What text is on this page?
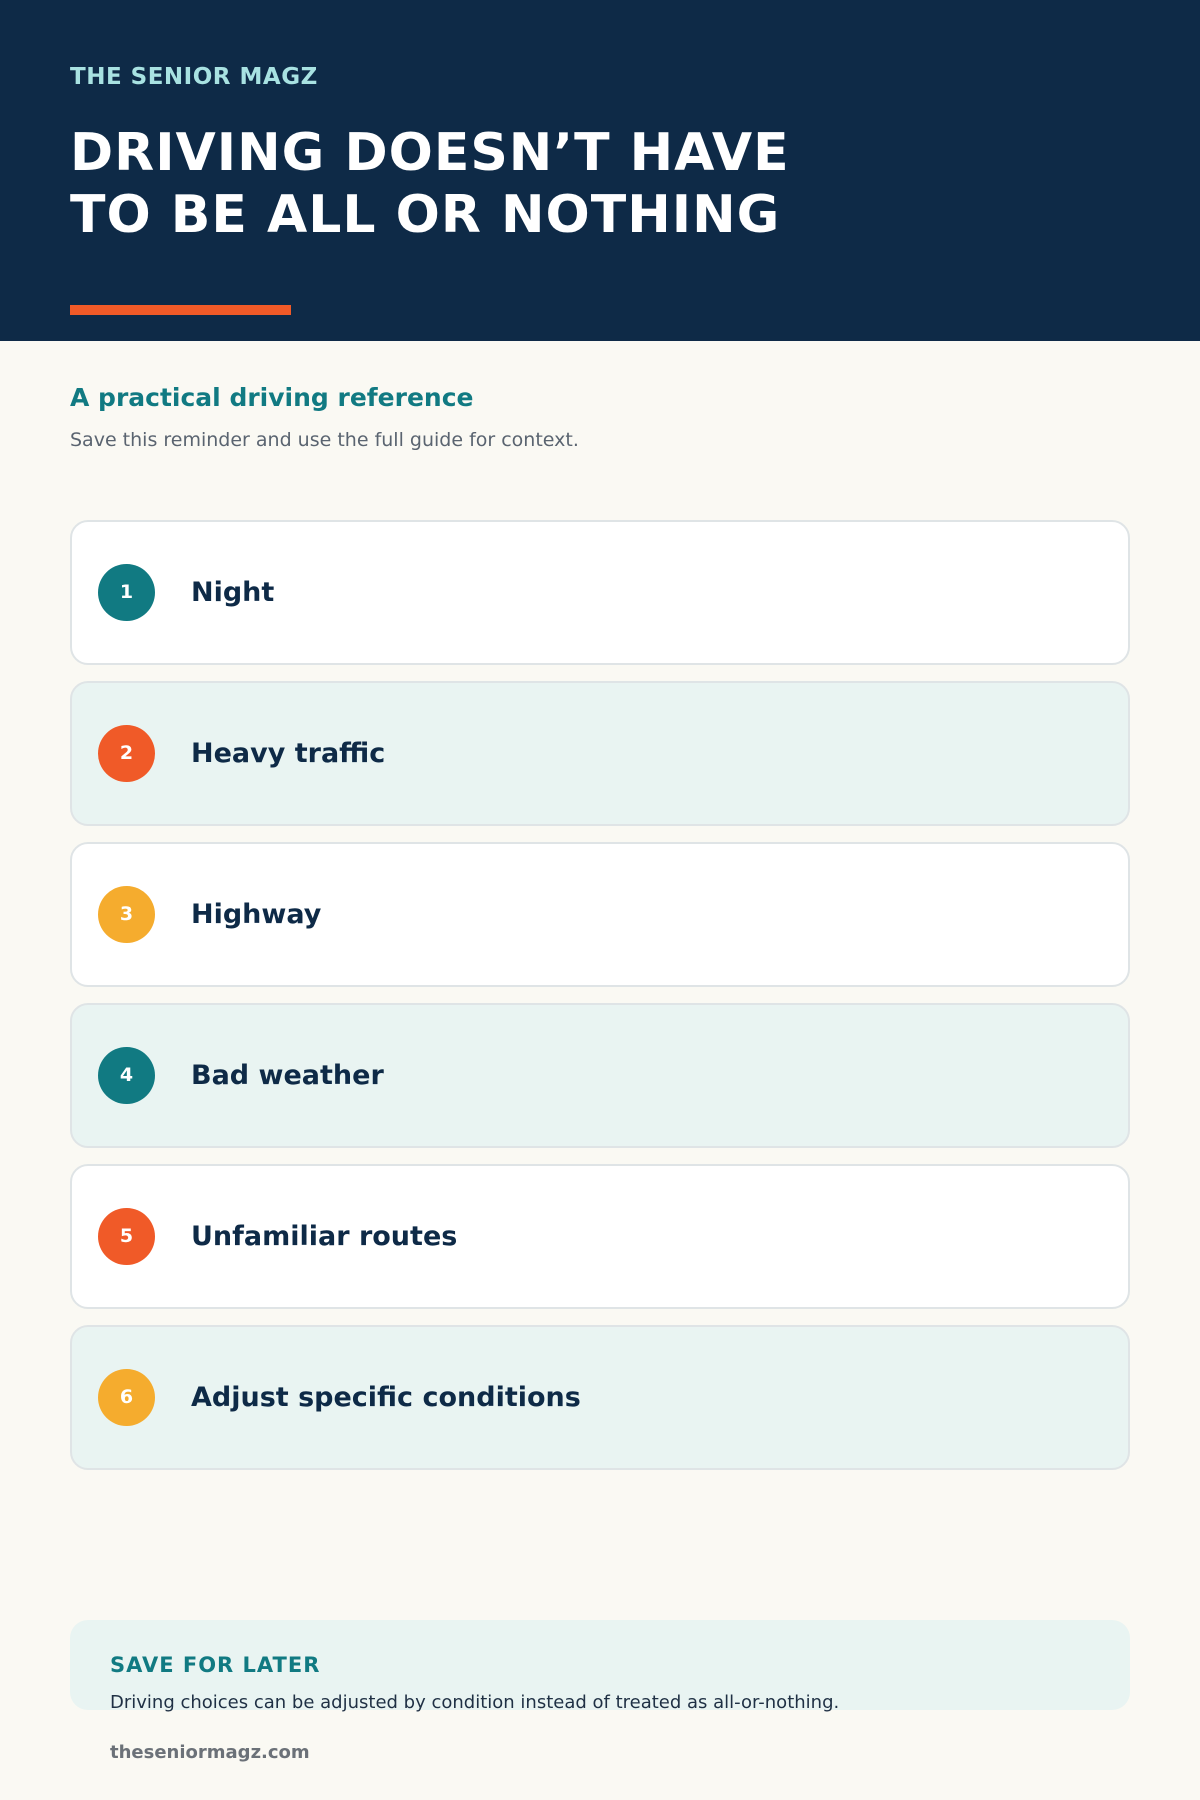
THE SENIOR MAGZ

DRIVING DOESN’T HAVE
TO BE ALL OR NOTHING
A practical driving reference

Save this reminder and use the full guide for context.

1	Night
2	Heavy traffic
3	Highway
4	Bad weather
5	Unfamiliar routes
6	Adjust specific conditions

SAVE FOR LATER

Driving choices can be adjusted by condition instead of treated as all-or-nothing.

theseniormagz.com
